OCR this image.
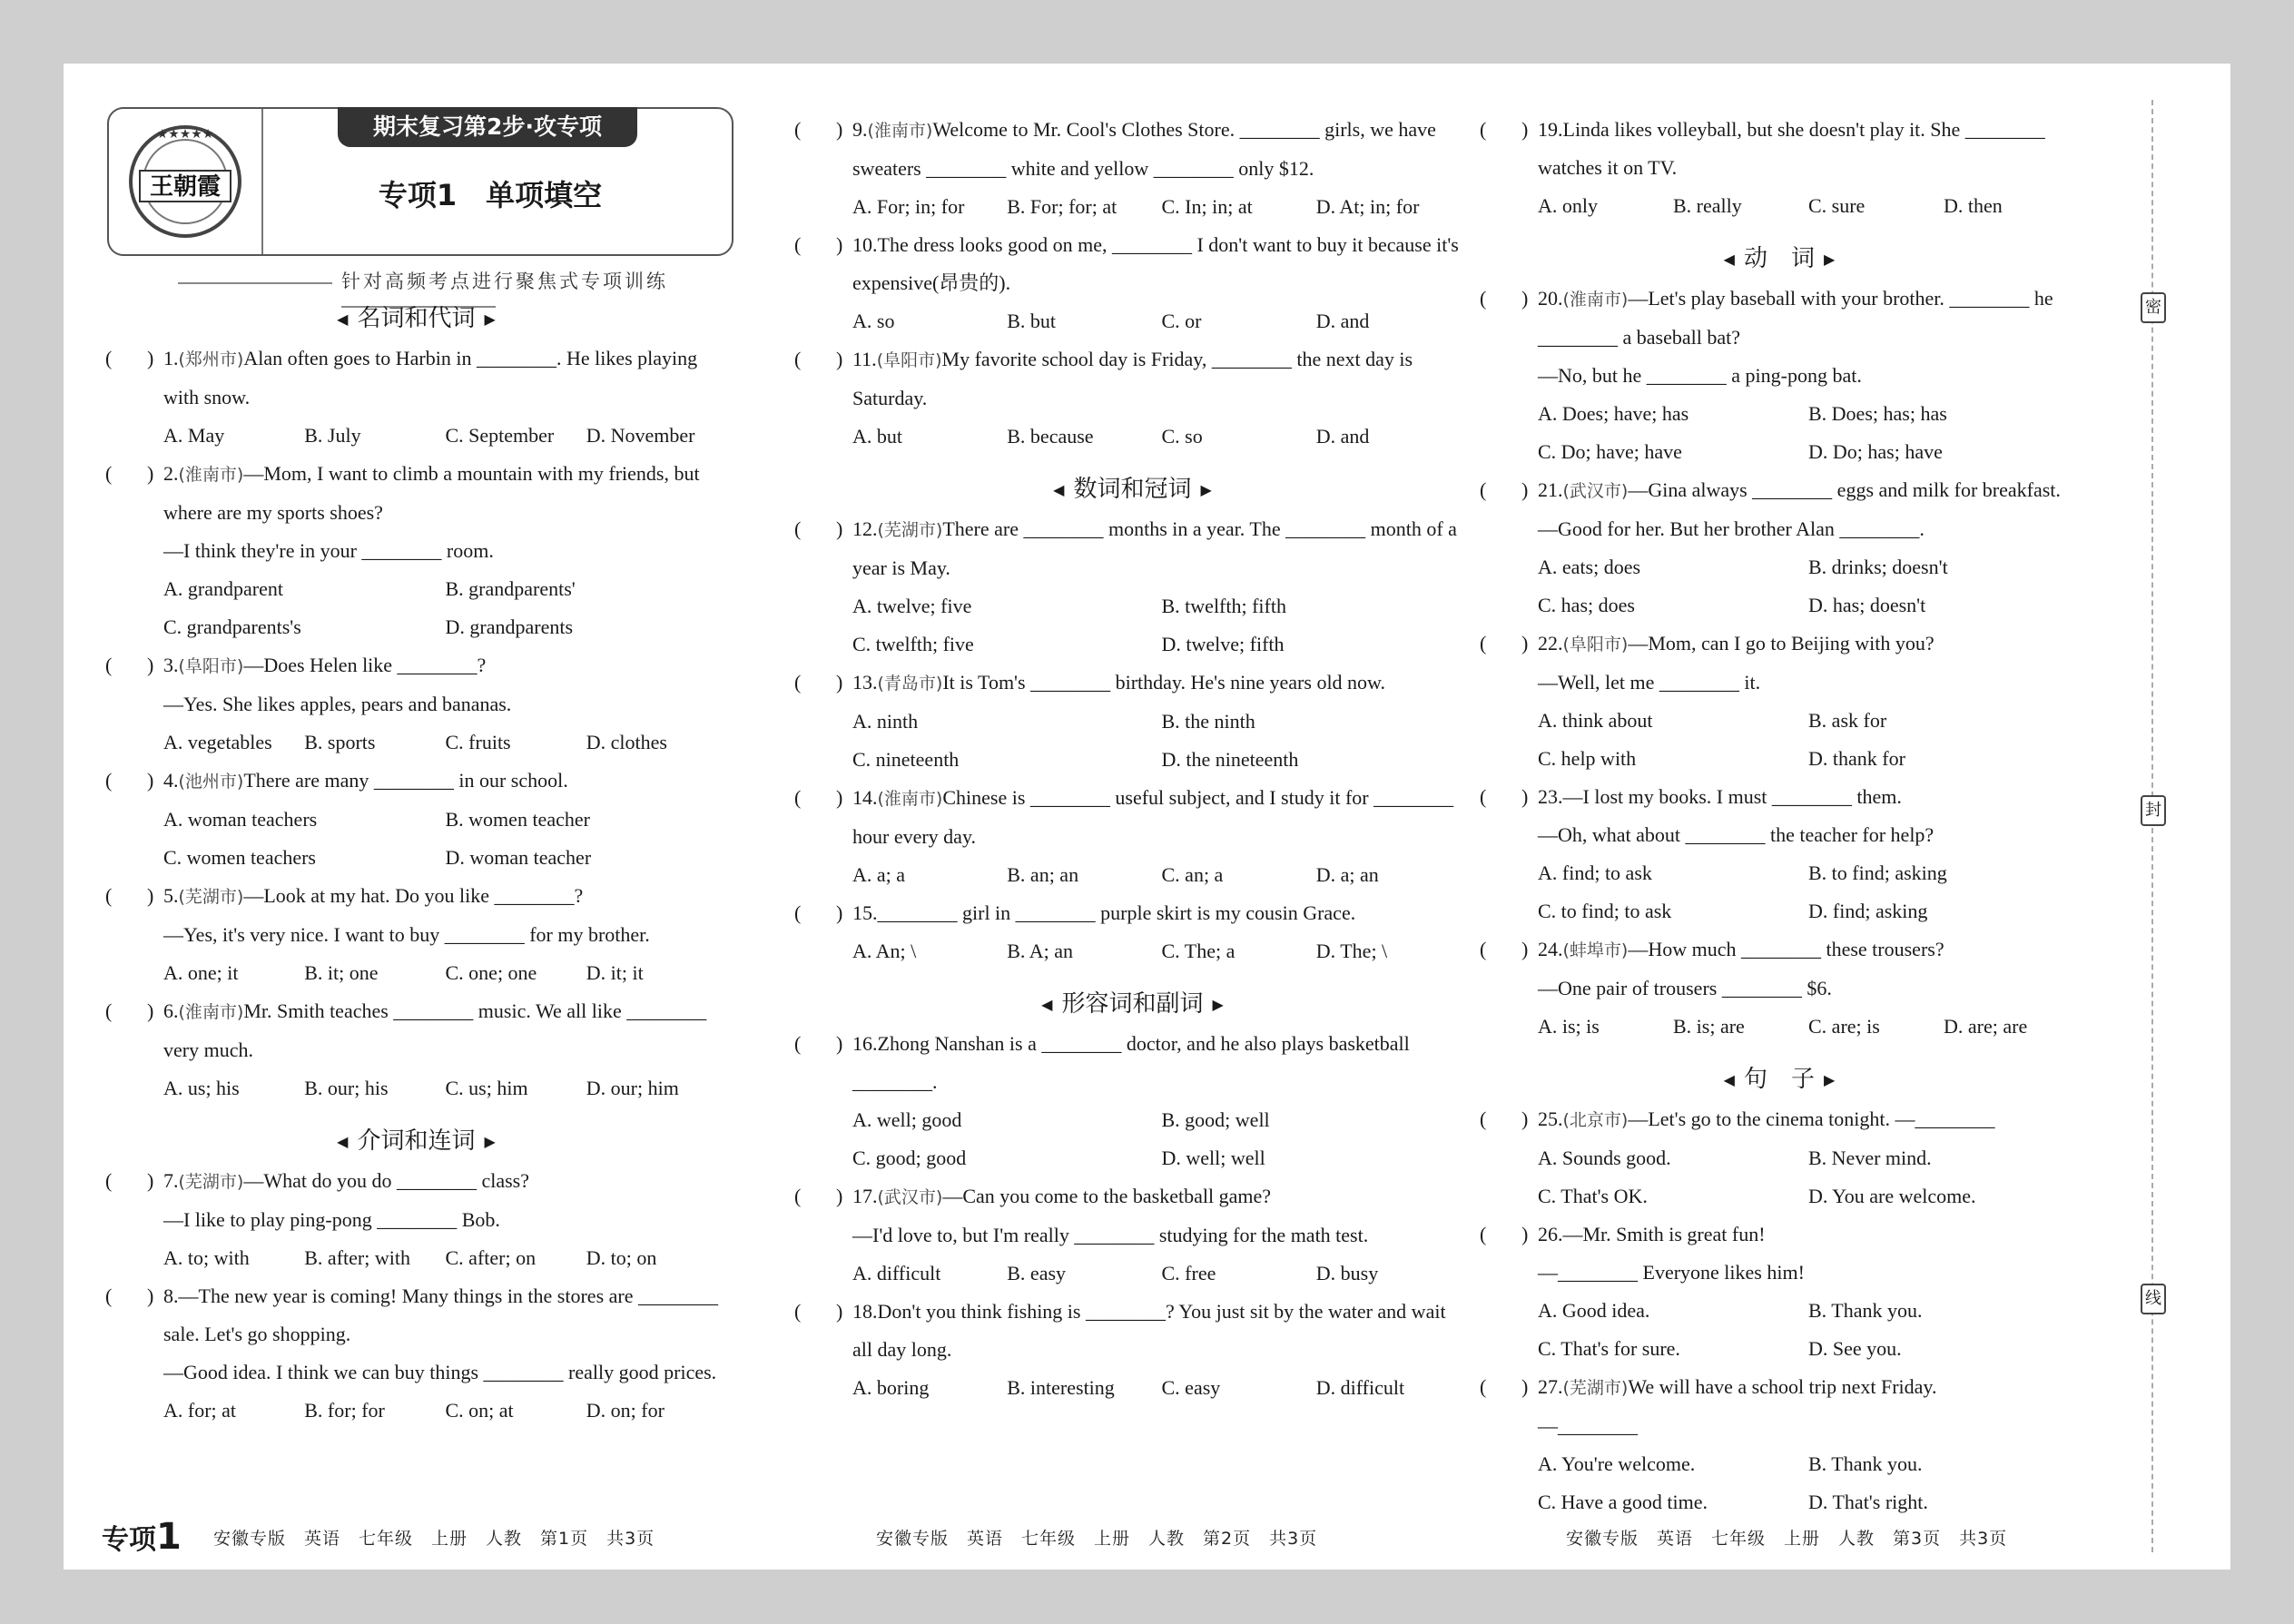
★★★★★
王朝霞
期末复习第2步·攻专项
专项1　单项填空
针对高频考点进行聚焦式专项训练
密
封
线
◀ 名词和代词 ▶
( )
1.(郑州市)Alan often goes to Harbin in ________. He likes playing with snow.
A. May	B. July	C. September	D. November
( )
2.(淮南市)—Mom, I want to climb a mountain with my friends, but where are my sports shoes?
—I think they're in your ________ room.
A. grandparent	B. grandparents'
C. grandparents's	D. grandparents
( )
3.(阜阳市)—Does Helen like ________?
—Yes. She likes apples, pears and bananas.
A. vegetables	B. sports	C. fruits	D. clothes
( )
4.(池州市)There are many ________ in our school.
A. woman teachers	B. women teacher
C. women teachers	D. woman teacher
( )
5.(芜湖市)—Look at my hat. Do you like ________?
—Yes, it's very nice. I want to buy ________ for my brother.
A. one; it	B. it; one	C. one; one	D. it; it
( )
6.(淮南市)Mr. Smith teaches ________ music. We all like ________ very much.
A. us; his	B. our; his	C. us; him	D. our; him
◀ 介词和连词 ▶
( )
7.(芜湖市)—What do you do ________ class?
—I like to play ping-pong ________ Bob.
A. to; with	B. after; with	C. after; on	D. to; on
( )
8.—The new year is coming! Many things in the stores are ________ sale. Let's go shopping.
—Good idea. I think we can buy things ________ really good prices.
A. for; at	B. for; for	C. on; at	D. on; for
( )
9.(淮南市)Welcome to Mr. Cool's Clothes Store. ________ girls, we have sweaters ________ white and yellow ________ only $12.
A. For; in; for	B. For; for; at	C. In; in; at	D. At; in; for
( )
10.The dress looks good on me, ________ I don't want to buy it because it's expensive(昂贵的).
A. so	B. but	C. or	D. and
( )
11.(阜阳市)My favorite school day is Friday, ________ the next day is Saturday.
A. but	B. because	C. so	D. and
◀ 数词和冠词 ▶
( )
12.(芜湖市)There are ________ months in a year. The ________ month of a year is May.
A. twelve; five	B. twelfth; fifth
C. twelfth; five	D. twelve; fifth
( )
13.(青岛市)It is Tom's ________ birthday. He's nine years old now.
A. ninth	B. the ninth
C. nineteenth	D. the nineteenth
( )
14.(淮南市)Chinese is ________ useful subject, and I study it for ________ hour every day.
A. a; a	B. an; an	C. an; a	D. a; an
( )
15.________ girl in ________ purple skirt is my cousin Grace.
A. An; \	B. A; an	C. The; a	D. The; \
◀ 形容词和副词 ▶
( )
16.Zhong Nanshan is a ________ doctor, and he also plays basketball ________.
A. well; good	B. good; well
C. good; good	D. well; well
( )
17.(武汉市)—Can you come to the basketball game?
—I'd love to, but I'm really ________ studying for the math test.
A. difficult	B. easy	C. free	D. busy
( )
18.Don't you think fishing is ________? You just sit by the water and wait all day long.
A. boring	B. interesting	C. easy	D. difficult
( )
19.Linda likes volleyball, but she doesn't play it. She ________ watches it on TV.
A. only	B. really	C. sure	D. then
◀ 动　词 ▶
( )
20.(淮南市)—Let's play baseball with your brother. ________ he ________ a baseball bat?
—No, but he ________ a ping-pong bat.
A. Does; have; has	B. Does; has; has
C. Do; have; have	D. Do; has; have
( )
21.(武汉市)—Gina always ________ eggs and milk for breakfast.
—Good for her. But her brother Alan ________.
A. eats; does	B. drinks; doesn't
C. has; does	D. has; doesn't
( )
22.(阜阳市)—Mom, can I go to Beijing with you?
—Well, let me ________ it.
A. think about	B. ask for
C. help with	D. thank for
( )
23.—I lost my books. I must ________ them.
—Oh, what about ________ the teacher for help?
A. find; to ask	B. to find; asking
C. to find; to ask	D. find; asking
( )
24.(蚌埠市)—How much ________ these trousers?
—One pair of trousers ________ $6.
A. is; is	B. is; are	C. are; is	D. are; are
◀ 句　子 ▶
( )
25.(北京市)—Let's go to the cinema tonight. —________
A. Sounds good.	B. Never mind.
C. That's OK.	D. You are welcome.
( )
26.—Mr. Smith is great fun!
—________ Everyone likes him!
A. Good idea.	B. Thank you.
C. That's for sure.	D. See you.
( )
27.(芜湖市)We will have a school trip next Friday.
—________
A. You're welcome.	B. Thank you.
C. Have a good time.	D. That's right.
专项1 安徽专版　英语　七年级　上册　人教　第1页　共3页	安徽专版　英语　七年级　上册　人教　第2页　共3页	安徽专版　英语　七年级　上册　人教　第3页　共3页
